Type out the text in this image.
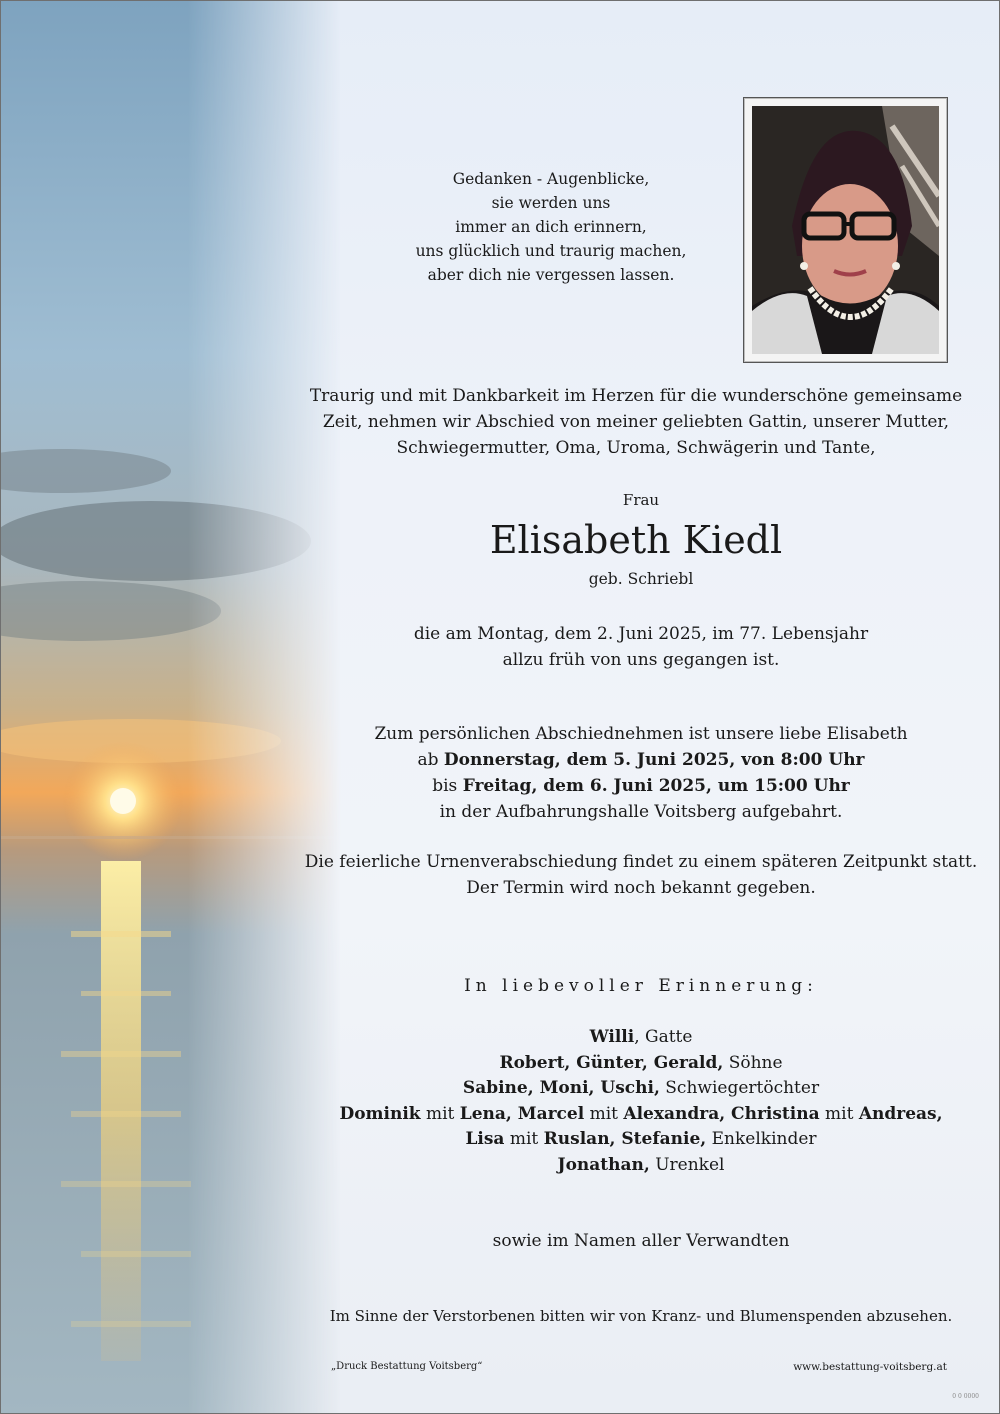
Gedanken - Augenblicke,
sie werden uns
immer an dich erinnern,
uns glücklich und traurig machen,
aber dich nie vergessen lassen.
Traurig und mit Dankbarkeit im Herzen für die wunderschöne gemeinsame
Zeit, nehmen wir Abschied von meiner geliebten Gattin, unserer Mutter,
Schwiegermutter, Oma, Uroma, Schwägerin und Tante,
Frau
Elisabeth Kiedl
geb. Schriebl
die am Montag, dem 2. Juni 2025, im 77. Lebensjahr
allzu früh von uns gegangen ist.
Zum persönlichen Abschiednehmen ist unsere liebe Elisabeth
ab Donnerstag, dem 5. Juni 2025, von 8:00 Uhr
bis Freitag, dem 6. Juni 2025, um 15:00 Uhr
in der Aufbahrungshalle Voitsberg aufgebahrt.
Die feierliche Urnenverabschiedung findet zu einem späteren Zeitpunkt statt.
Der Termin wird noch bekannt gegeben.
In liebevoller Erinnerung:
Willi, Gatte
Robert, Günter, Gerald, Söhne
Sabine, Moni, Uschi, Schwiegertöchter
Dominik mit Lena, Marcel mit Alexandra, Christina mit Andreas,
Lisa mit Ruslan, Stefanie, Enkelkinder
Jonathan, Urenkel
sowie im Namen aller Verwandten
Im Sinne der Verstorbenen bitten wir von Kranz- und Blumenspenden abzusehen.
„Druck Bestattung Voitsberg“	www.bestattung-voitsberg.at
0 0 0000
